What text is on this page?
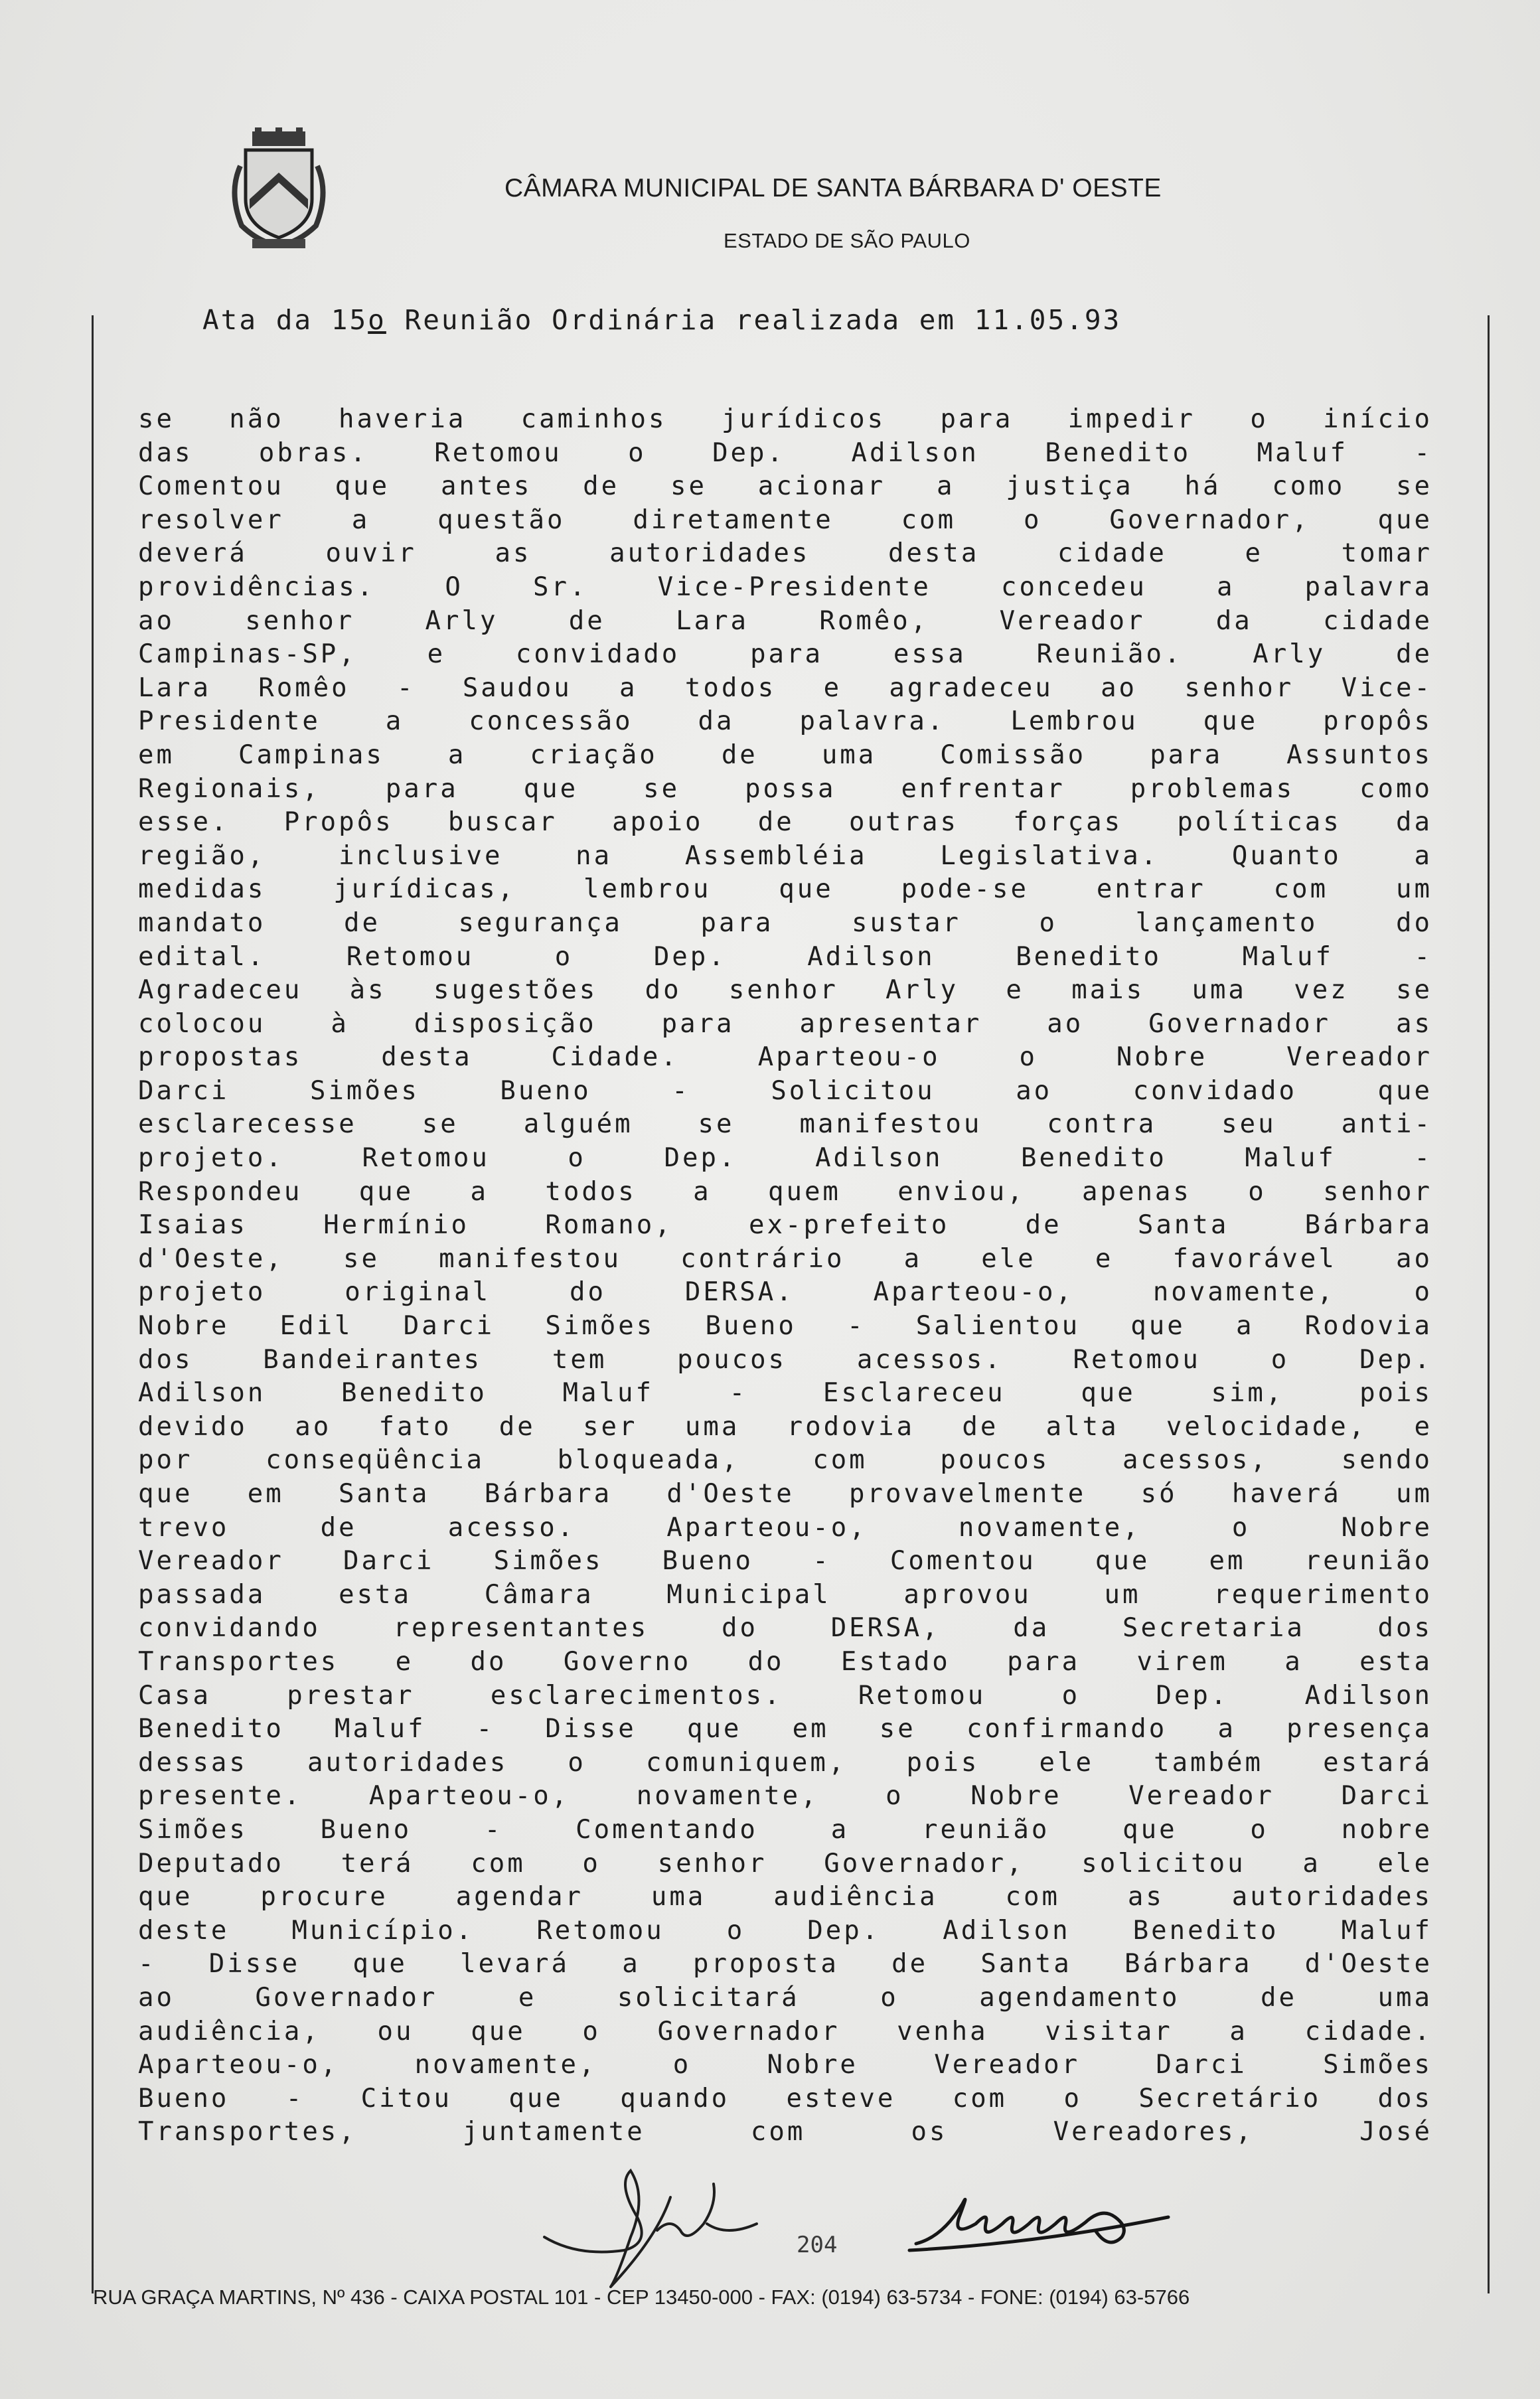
CÂMARA MUNICIPAL DE SANTA BÁRBARA D' OESTE
ESTADO DE SÃO PAULO
Ata da 15o Reunião Ordinária realizada em 11.05.93
se não haveria caminhos jurídicos para impedir o início
das obras. Retomou o Dep. Adilson Benedito Maluf -
Comentou que antes de se acionar a justiça há como se
resolver a questão diretamente com o Governador, que
deverá ouvir as autoridades desta cidade e tomar
providências. O Sr. Vice-Presidente concedeu a palavra
ao senhor Arly de Lara Romêo, Vereador da cidade
Campinas-SP, e convidado para essa Reunião. Arly de
Lara Romêo - Saudou a todos e agradeceu ao senhor Vice-
Presidente a concessão da palavra. Lembrou que propôs
em Campinas a criação de uma Comissão para Assuntos
Regionais, para que se possa enfrentar problemas como
esse. Propôs buscar apoio de outras forças políticas da
região, inclusive na Assembléia Legislativa. Quanto a
medidas jurídicas, lembrou que pode-se entrar com um
mandato de segurança para sustar o lançamento do
edital. Retomou o Dep. Adilson Benedito Maluf -
Agradeceu às sugestões do senhor Arly e mais uma vez se
colocou à disposição para apresentar ao Governador as
propostas desta Cidade. Aparteou-o o Nobre Vereador
Darci Simões Bueno - Solicitou ao convidado que
esclarecesse se alguém se manifestou contra seu anti-
projeto. Retomou o Dep. Adilson Benedito Maluf -
Respondeu que a todos a quem enviou, apenas o senhor
Isaias Hermínio Romano, ex-prefeito de Santa Bárbara
d'Oeste, se manifestou contrário a ele e favorável ao
projeto original do DERSA. Aparteou-o, novamente, o
Nobre Edil Darci Simões Bueno - Salientou que a Rodovia
dos Bandeirantes tem poucos acessos. Retomou o Dep.
Adilson Benedito Maluf - Esclareceu que sim, pois
devido ao fato de ser uma rodovia de alta velocidade, e
por conseqüência bloqueada, com poucos acessos, sendo
que em Santa Bárbara d'Oeste provavelmente só haverá um
trevo de acesso. Aparteou-o, novamente, o Nobre
Vereador Darci Simões Bueno - Comentou que em reunião
passada esta Câmara Municipal aprovou um requerimento
convidando representantes do DERSA, da Secretaria dos
Transportes e do Governo do Estado para virem a esta
Casa prestar esclarecimentos. Retomou o Dep. Adilson
Benedito Maluf - Disse que em se confirmando a presença
dessas autoridades o comuniquem, pois ele também estará
presente. Aparteou-o, novamente, o Nobre Vereador Darci
Simões Bueno - Comentando a reunião que o nobre
Deputado terá com o senhor Governador, solicitou a ele
que procure agendar uma audiência com as autoridades
deste Município. Retomou o Dep. Adilson Benedito Maluf
- Disse que levará a proposta de Santa Bárbara d'Oeste
ao Governador e solicitará o agendamento de uma
audiência, ou que o Governador venha visitar a cidade.
Aparteou-o, novamente, o Nobre Vereador Darci Simões
Bueno - Citou que quando esteve com o Secretário dos
Transportes, juntamente com os Vereadores, José
204
RUA GRAÇA MARTINS, Nº 436 - CAIXA POSTAL 101 - CEP 13450-000 - FAX: (0194) 63-5734 - FONE: (0194) 63-5766
